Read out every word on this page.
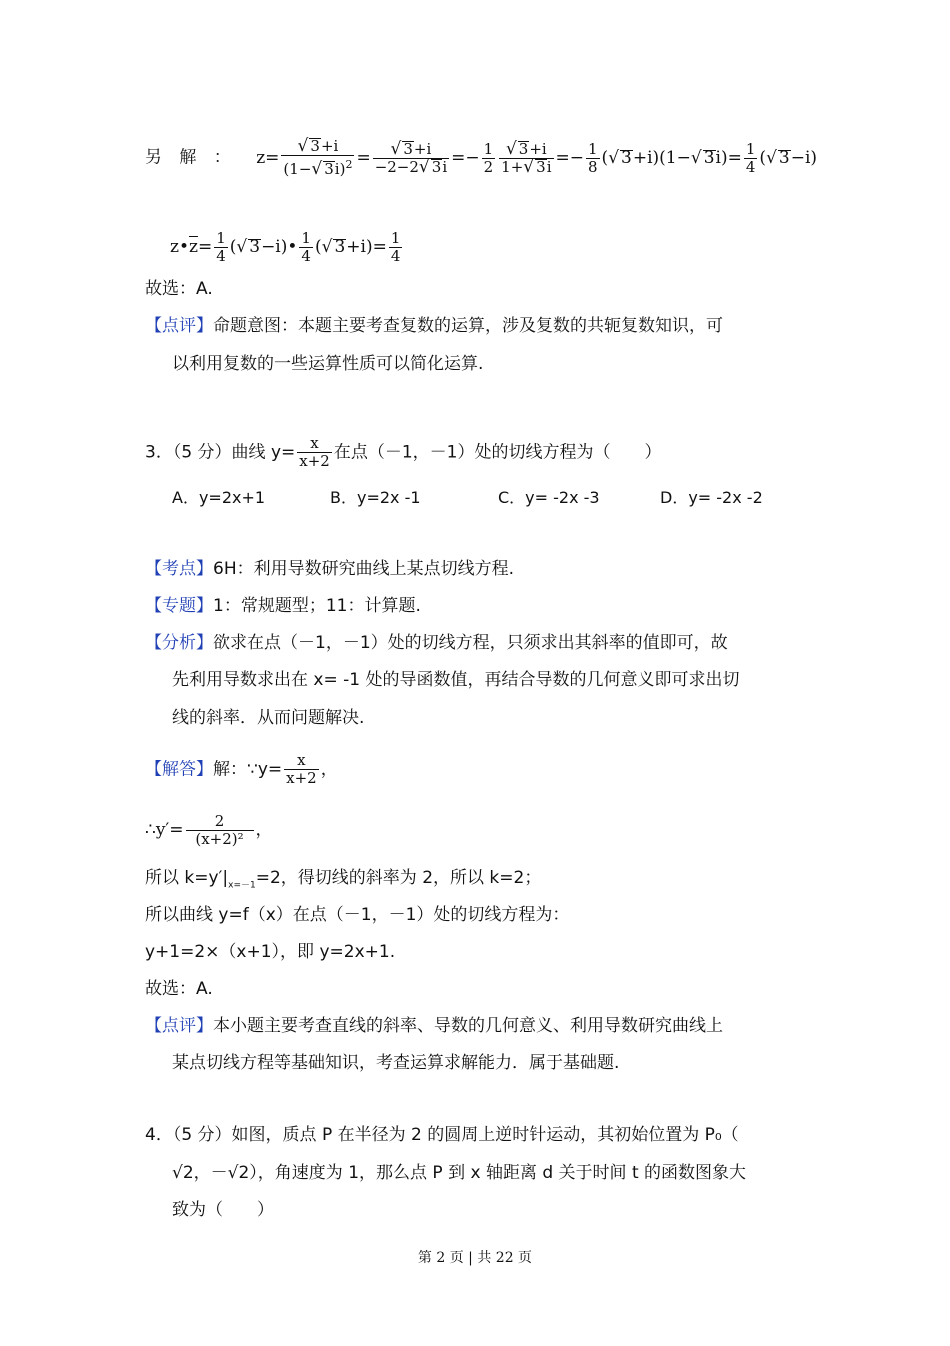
另 解 ： $z= \frac{√ 3+i}{(1-√ 3i)^2} = \frac{√ 3+i}{-2-2√ 3i} =- \frac{1}{2} \frac{√ 3+i}{1+√ 3i} =- \frac{1}{8}$ (√ 3+i)(1−√ $3i)= \frac{1}{4}$ (√ 3−i)
$z•\overline{z}= \frac{1}{4}$ (√ 3−i)• $\frac{1}{4}$ (√ $3+i)= \frac{1}{4}$
故选：A.
【点评】命题意图：本题主要考查复数的运算，涉及复数的共轭复数知识，可
以利用复数的一些运算性质可以简化运算.
3．（5 分）曲线 $y= \frac{x}{x+2}$ 在点（－1，－1）处的切线方程为（　　）
A．y=2x+1	B．y=2x -1	C．y= -2x -3	D．y= -2x -2
【考点】6H：利用导数研究曲线上某点切线方程.
【专题】1：常规题型；11：计算题.
【分析】欲求在点（－1，－1）处的切线方程，只须求出其斜率的值即可，故
先利用导数求出在 x= -1 处的导函数值，再结合导数的几何意义即可求出切
线的斜率．从而问题解决.
【解答】解：∵y= $\frac{x}{x+2}$ ，
∴y′= $\frac{2}{\text{(x+2)²}}$ ，
所以 $k=y'|_{x=-1}=2$，得切线的斜率为 2，所以 k=2；
所以曲线 y=f（x）在点（－1，－1）处的切线方程为：
y+1=2×（x+1），即 y=2x+1.
故选：A.
【点评】本小题主要考查直线的斜率、导数的几何意义、利用导数研究曲线上
某点切线方程等基础知识，考查运算求解能力．属于基础题.
4．（5 分）如图，质点 P 在半径为 2 的圆周上逆时针运动，其初始位置为 P₀（
√2，－√2），角速度为 1，那么点 P 到 x 轴距离 d 关于时间 t 的函数图象大
致为（　　）
第 2 页 | 共 22 页
